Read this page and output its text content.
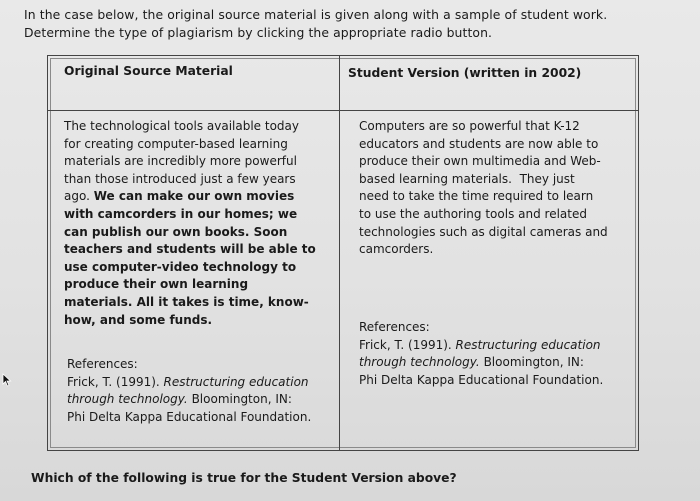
In the case below, the original source material is given along with a sample of student work.
Determine the type of plagiarism by clicking the appropriate radio button.
Original Source Material	Student Version (written in 2002)
The technological tools available today
for creating computer-based learning
materials are incredibly more powerful
than those introduced just a few years
ago. We can make our own movies
with camcorders in our homes; we
can publish our own books. Soon
teachers and students will be able to
use computer-video technology to
produce their own learning
materials. All it takes is time, know-
how, and some funds.
References:
Frick, T. (1991). Restructuring education
through technology. Bloomington, IN:
Phi Delta Kappa Educational Foundation.
Computers are so powerful that K-12
educators and students are now able to
produce their own multimedia and Web-
based learning materials.  They just
need to take the time required to learn
to use the authoring tools and related
technologies such as digital cameras and
camcorders.
References:
Frick, T. (1991). Restructuring education
through technology. Bloomington, IN:
Phi Delta Kappa Educational Foundation.
Which of the following is true for the Student Version above?
